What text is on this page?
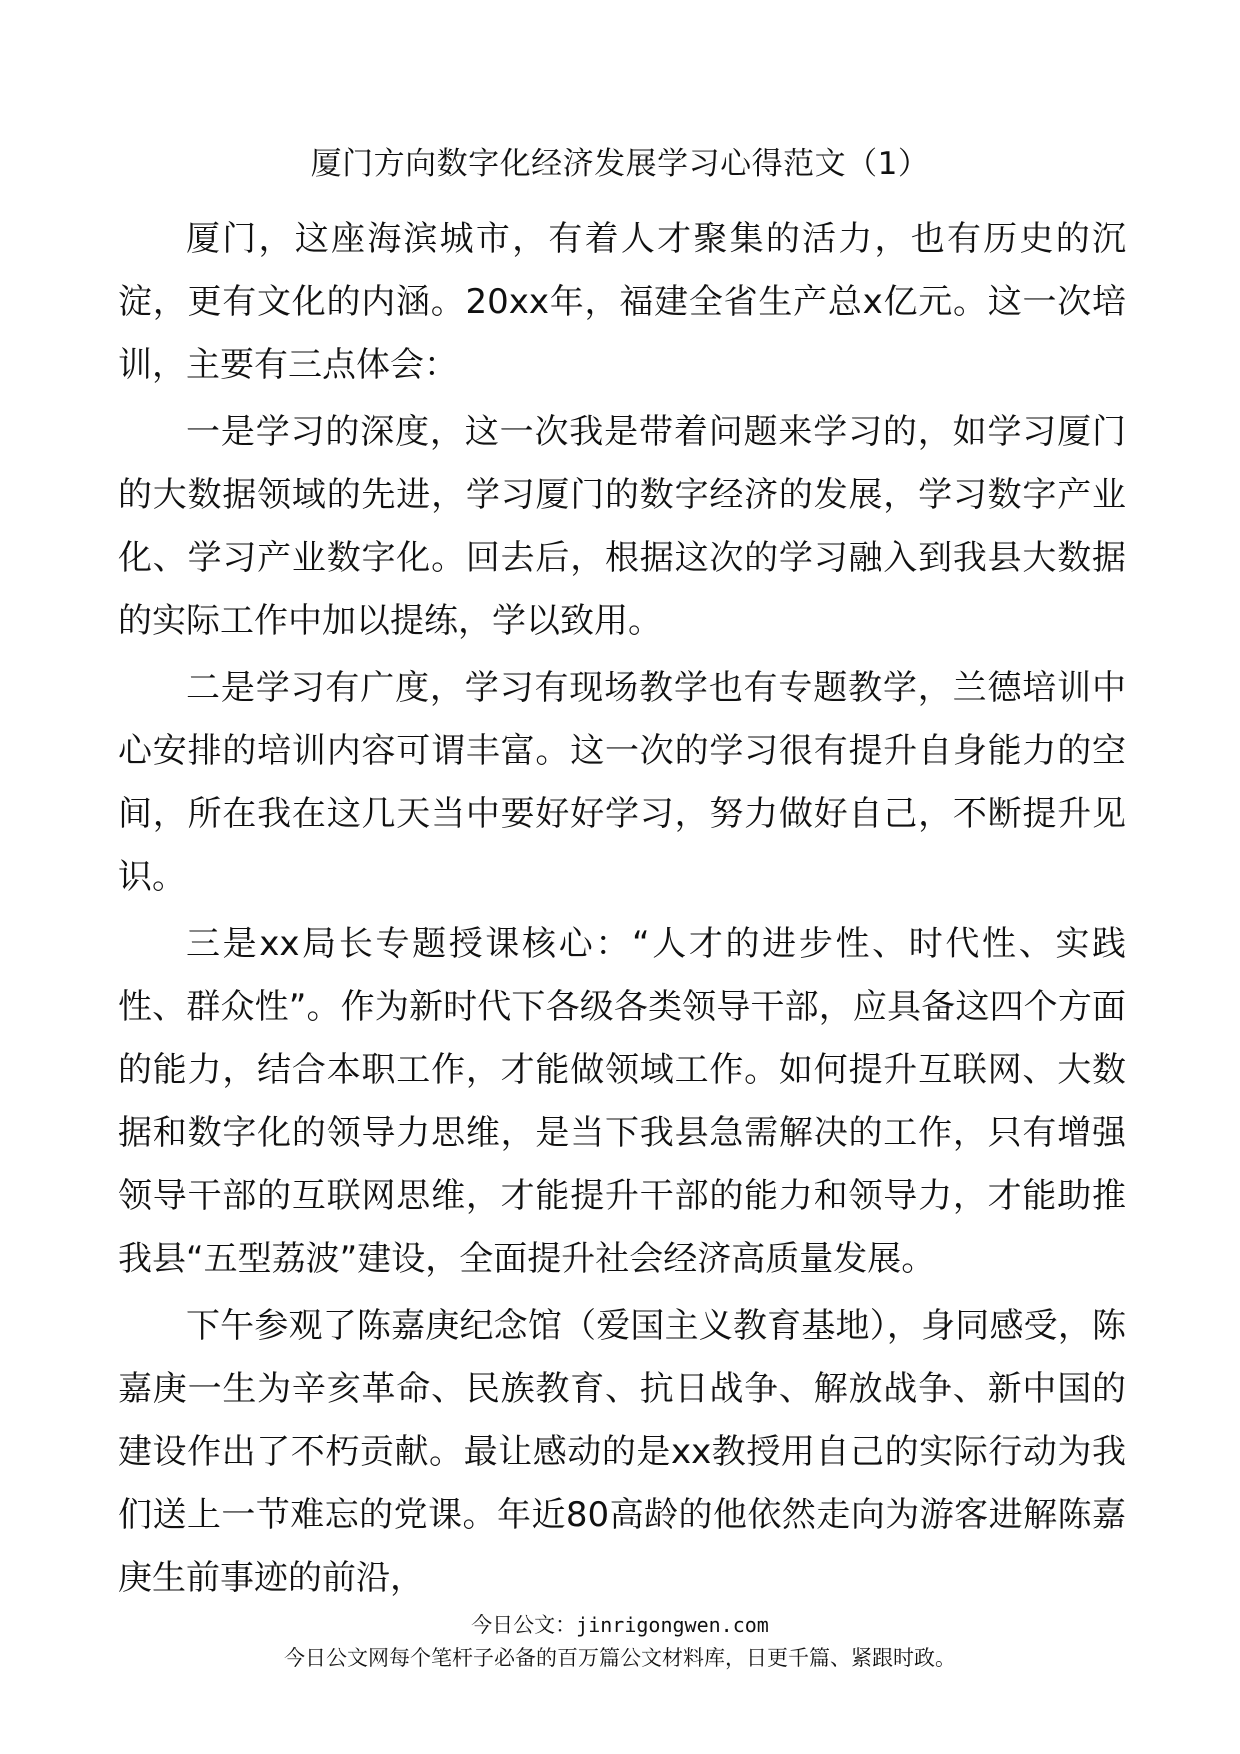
厦门方向数字化经济发展学习心得范文（1）

厦门，这座海滨城市，有着人才聚集的活力，也有历史的沉淀，更有文化的内涵。20xx年，福建全省生产总x亿元。这一次培训，主要有三点体会：

一是学习的深度，这一次我是带着问题来学习的，如学习厦门的大数据领域的先进，学习厦门的数字经济的发展，学习数字产业化、学习产业数字化。回去后，根据这次的学习融入到我县大数据的实际工作中加以提练，学以致用。

二是学习有广度，学习有现场教学也有专题教学，兰德培训中心安排的培训内容可谓丰富。这一次的学习很有提升自身能力的空间，所在我在这几天当中要好好学习，努力做好自己，不断提升见识。

三是xx局长专题授课核心：“人才的进步性、时代性、实践性、群众性”。作为新时代下各级各类领导干部，应具备这四个方面的能力，结合本职工作，才能做领域工作。如何提升互联网、大数据和数字化的领导力思维，是当下我县急需解决的工作，只有增强领导干部的互联网思维，才能提升干部的能力和领导力，才能助推我县“五型荔波”建设，全面提升社会经济高质量发展。

下午参观了陈嘉庚纪念馆（爱国主义教育基地），身同感受，陈嘉庚一生为辛亥革命、民族教育、抗日战争、解放战争、新中国的建设作出了不朽贡献。最让感动的是xx教授用自己的实际行动为我们送上一节难忘的党课。年近80高龄的他依然走向为游客进解陈嘉庚生前事迹的前沿，

今日公文：jinrigongwen.com
今日公文网每个笔杆子必备的百万篇公文材料库，日更千篇、紧跟时政。
